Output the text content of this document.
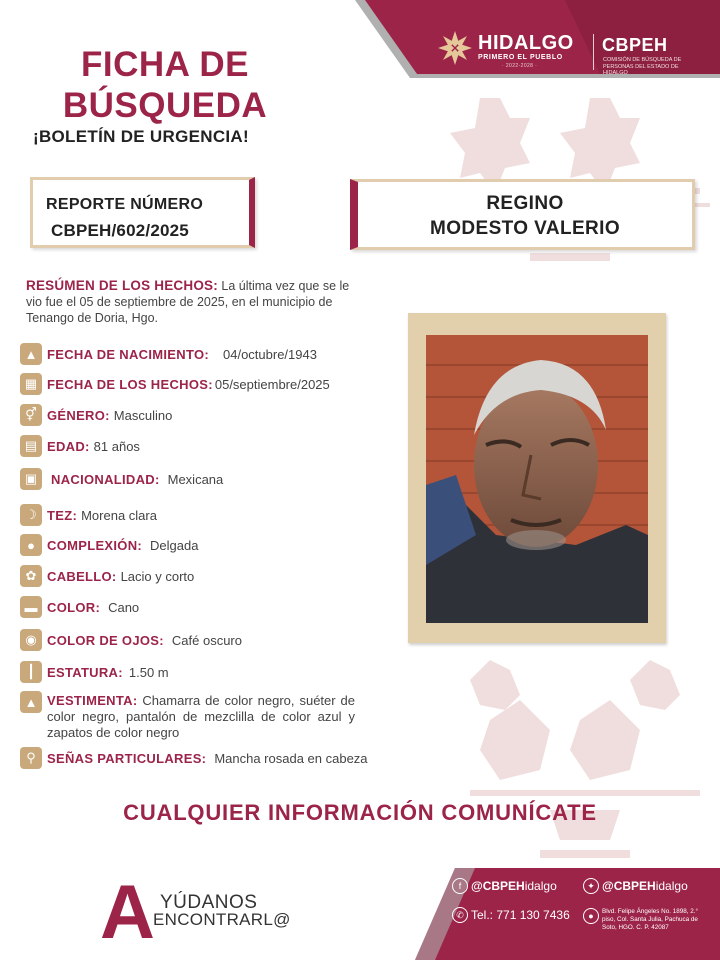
HIDALGO
PRIMERO EL PUEBLO
· 2022-2028 ·
CBPEH
COMISIÓN DE BÚSQUEDA DE PERSONAS DEL ESTADO DE HIDALGO
FICHA DE
BÚSQUEDA
¡BOLETÍN DE URGENCIA!
REPORTE NÚMERO
CBPEH/602/2025
REGINO
MODESTO VALERIO
RESÚMEN DE LOS HECHOS: La última vez que se le vio fue el 05 de septiembre de 2025, en el municipio de Tenango de Doria, Hgo.
▲ FECHA DE NACIMIENTO: 04/octubre/1943
▦ FECHA DE LOS HECHOS: 05/septiembre/2025
⚥ GÉNERO: Masculino
▤ EDAD: 81 años
▣	NACIONALIDAD: Mexicana
☽ TEZ: Morena clara
● COMPLEXIÓN: Delgada
✿ CABELLO: Lacio y corto
▬ COLOR: Cano
◉ COLOR DE OJOS: Café oscuro
┃ ESTATURA: 1.50 m
▲ VESTIMENTA: Chamarra de color negro, suéter de color negro, pantalón de mezclilla de color azul y zapatos de color negro
⚲ SEÑAS PARTICULARES: Mancha rosada en cabeza
CUALQUIER INFORMACIÓN COMUNÍCATE
A YÚDANOS
ENCONTRARL@
f @CBPEH idalgo	✦ @CBPEH idalgo
✆ Tel.: 771 130 7436	●	Blvd. Felipe Ángeles No. 1898, 2.° piso, Col. Santa Julia, Pachuca de Soto, HGO. C. P. 42087
